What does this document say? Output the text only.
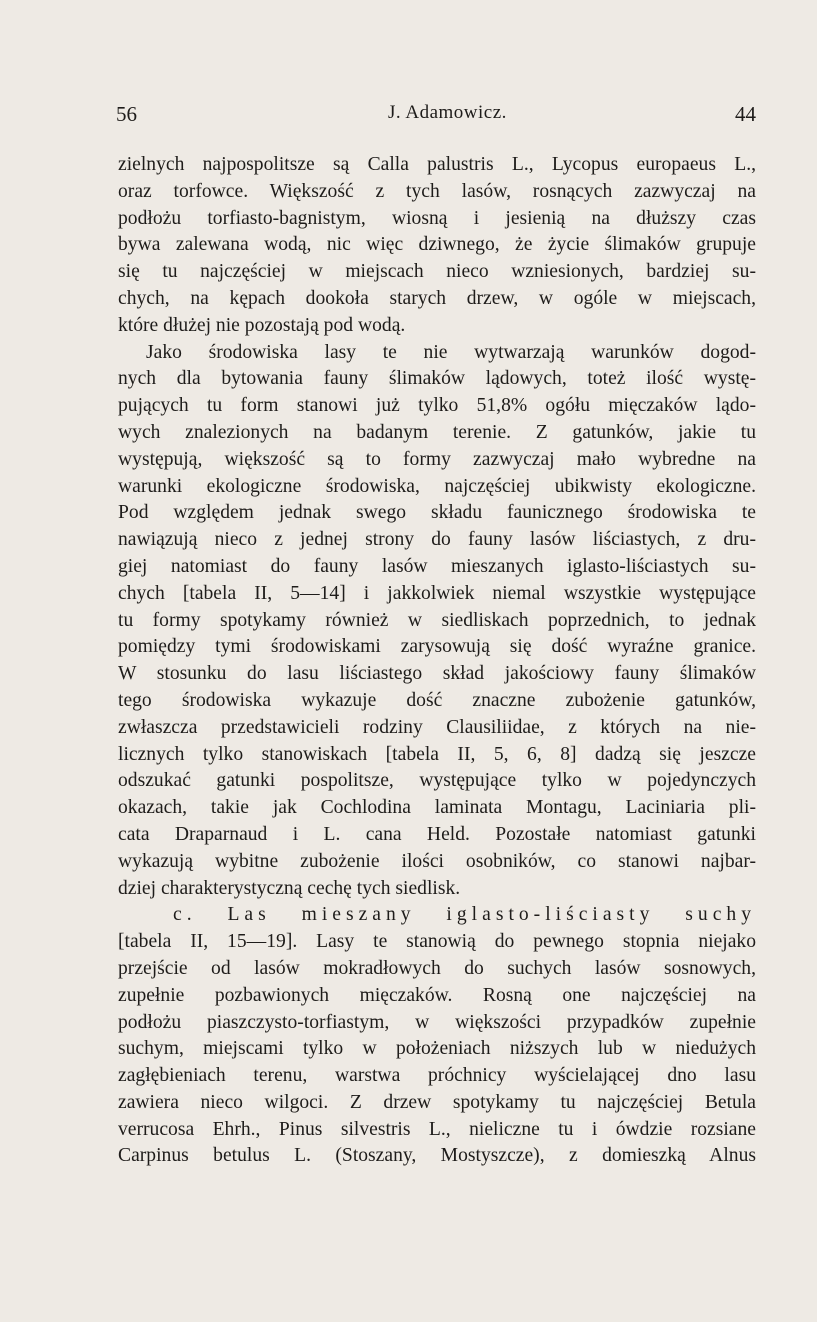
56	J. Adamowicz.	44
zielnych najpospolitsze są Calla palustris L., Lycopus europaeus L.,
oraz torfowce. Większość z tych lasów, rosnących zazwyczaj na
podłożu torfiasto-bagnistym, wiosną i jesienią na dłuższy czas
bywa zalewana wodą, nic więc dziwnego, że życie ślimaków grupuje
się tu najczęściej w miejscach nieco wzniesionych, bardziej su-
chych, na kępach dookoła starych drzew, w ogóle w miejscach,
które dłużej nie pozostają pod wodą.
Jako środowiska lasy te nie wytwarzają warunków dogod-
nych dla bytowania fauny ślimaków lądowych, toteż ilość wystę-
pujących tu form stanowi już tylko 51,8% ogółu mięczaków lądo-
wych znalezionych na badanym terenie. Z gatunków, jakie tu
występują, większość są to formy zazwyczaj mało wybredne na
warunki ekologiczne środowiska, najczęściej ubikwisty ekologiczne.
Pod względem jednak swego składu faunicznego środowiska te
nawiązują nieco z jednej strony do fauny lasów liściastych, z dru-
giej natomiast do fauny lasów mieszanych iglasto-liściastych su-
chych [tabela II, 5—14] i jakkolwiek niemal wszystkie występujące
tu formy spotykamy również w siedliskach poprzednich, to jednak
pomiędzy tymi środowiskami zarysowują się dość wyraźne granice.
W stosunku do lasu liściastego skład jakościowy fauny ślimaków
tego środowiska wykazuje dość znaczne zubożenie gatunków,
zwłaszcza przedstawicieli rodziny Clausiliidae, z których na nie-
licznych tylko stanowiskach [tabela II, 5, 6, 8] dadzą się jeszcze
odszukać gatunki pospolitsze, występujące tylko w pojedynczych
okazach, takie jak Cochlodina laminata Montagu, Laciniaria pli-
cata Draparnaud i L. cana Held. Pozostałe natomiast gatunki
wykazują wybitne zubożenie ilości osobników, co stanowi najbar-
dziej charakterystyczną cechę tych siedlisk.
c. Las mieszany iglasto-liściasty suchy
[tabela II, 15—19]. Lasy te stanowią do pewnego stopnia niejako
przejście od lasów mokradłowych do suchych lasów sosnowych,
zupełnie pozbawionych mięczaków. Rosną one najczęściej na
podłożu piaszczysto-torfiastym, w większości przypadków zupełnie
suchym, miejscami tylko w położeniach niższych lub w niedużych
zagłębieniach terenu, warstwa próchnicy wyścielającej dno lasu
zawiera nieco wilgoci. Z drzew spotykamy tu najczęściej Betula
verrucosa Ehrh., Pinus silvestris L., nieliczne tu i ówdzie rozsiane
Carpinus betulus L. (Stoszany, Mostyszcze), z domieszką Alnus
